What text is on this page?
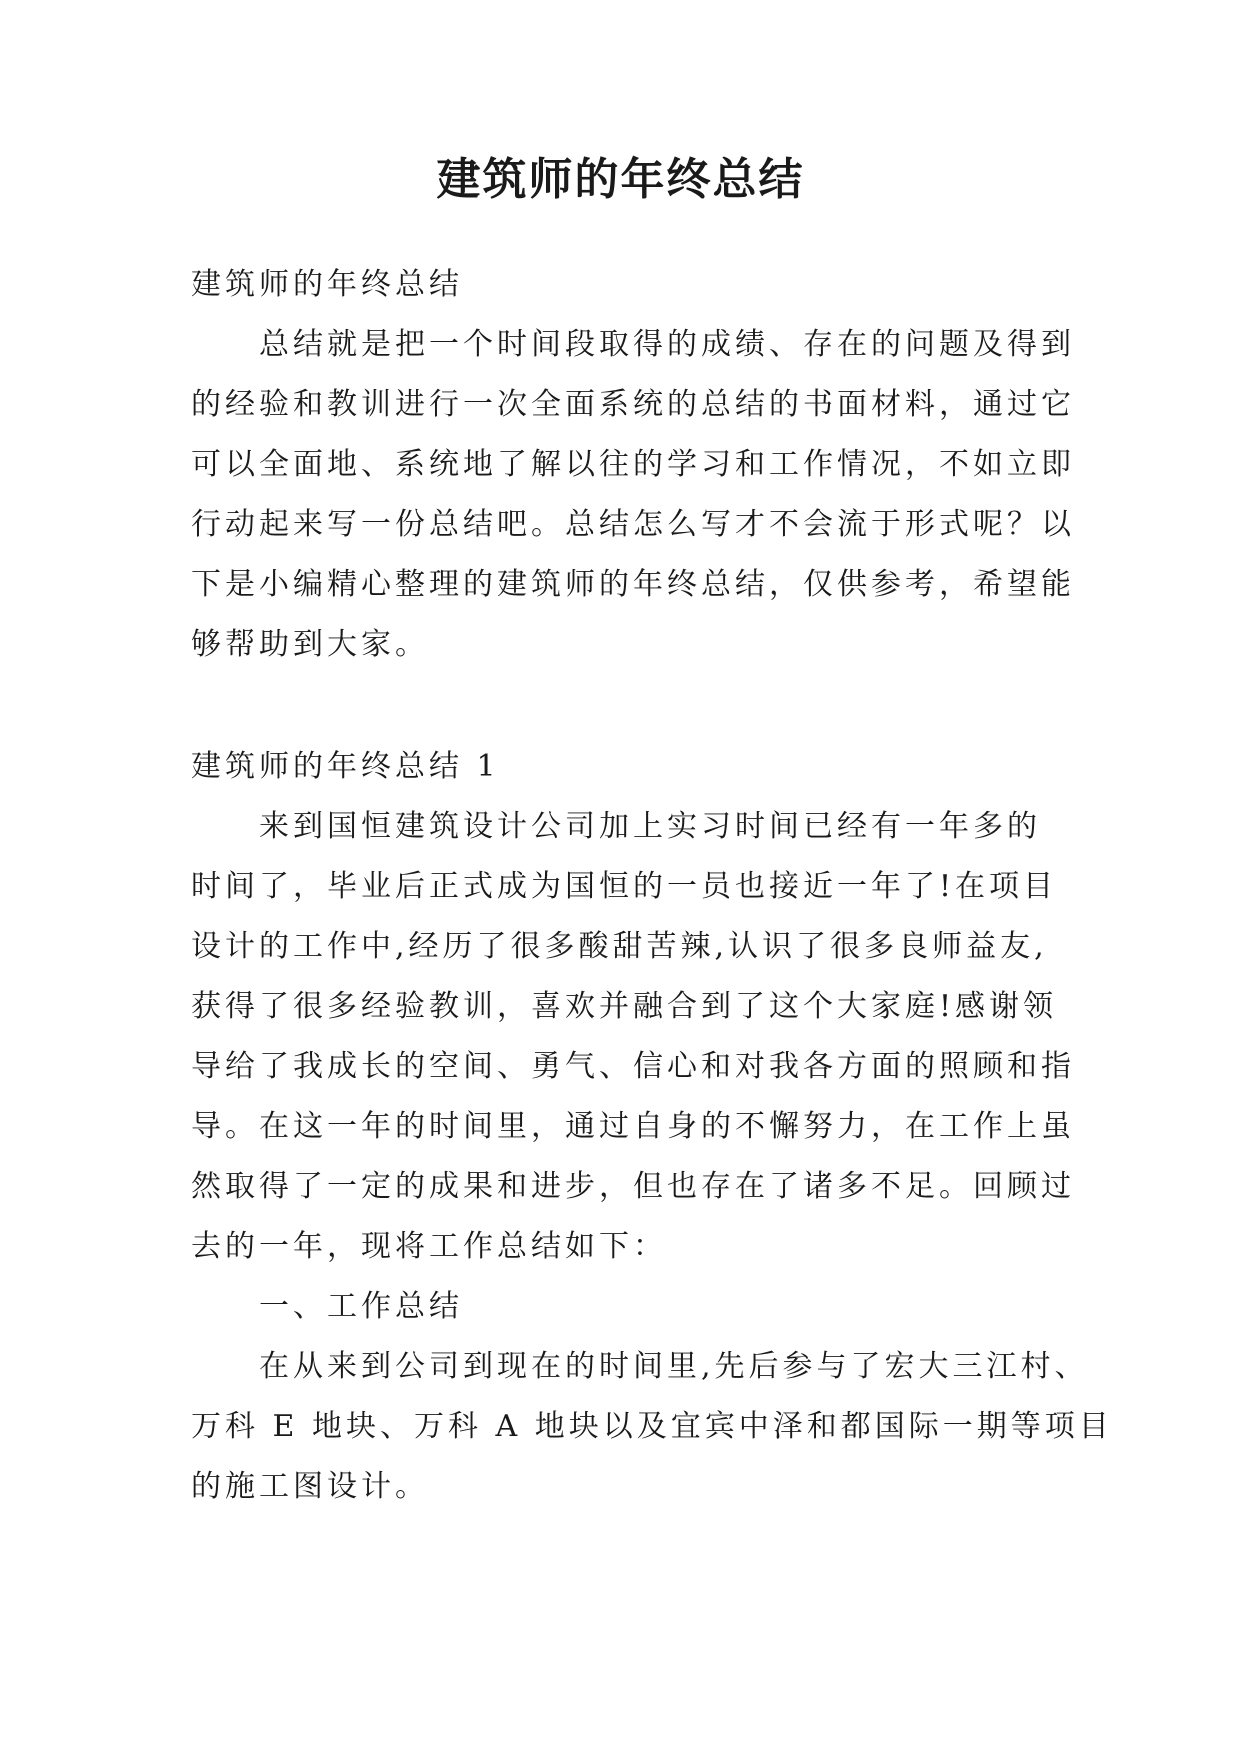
建筑师的年终总结
建筑师的年终总结
总结就是把一个时间段取得的成绩、存在的问题及得到
的经验和教训进行一次全面系统的总结的书面材料，通过它
可以全面地、系统地了解以往的学习和工作情况，不如立即
行动起来写一份总结吧。总结怎么写才不会流于形式呢？以
下是小编精心整理的建筑师的年终总结，仅供参考，希望能
够帮助到大家。
建筑师的年终总结 1
来到国恒建筑设计公司加上实习时间已经有一年多的
时间了，毕业后正式成为国恒的一员也接近一年了!在项目
设计的工作中,经历了很多酸甜苦辣,认识了很多良师益友,
获得了很多经验教训，喜欢并融合到了这个大家庭!感谢领
导给了我成长的空间、勇气、信心和对我各方面的照顾和指
导。在这一年的时间里，通过自身的不懈努力，在工作上虽
然取得了一定的成果和进步，但也存在了诸多不足。回顾过
去的一年，现将工作总结如下：
一、工作总结
在从来到公司到现在的时间里,先后参与了宏大三江村、
万科 E 地块、万科 A 地块以及宜宾中泽和都国际一期等项目
的施工图设计。
